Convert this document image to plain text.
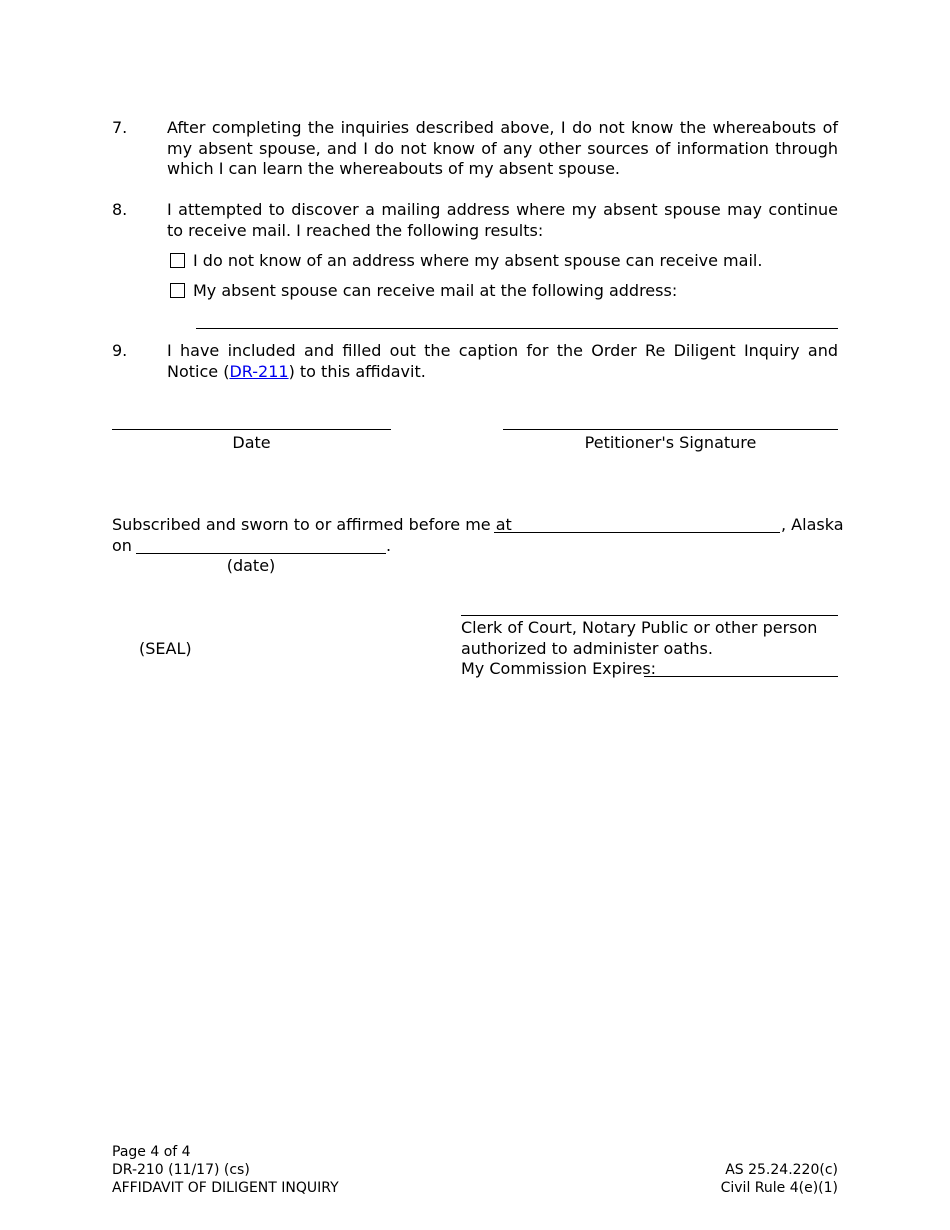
7. After completing the inquiries described above, I do not know the whereabouts of my absent spouse, and I do not know of any other sources of information through which I can learn the whereabouts of my absent spouse.
8. I attempted to discover a mailing address where my absent spouse may continue to receive mail. I reached the following results:
I do not know of an address where my absent spouse can receive mail.
My absent spouse can receive mail at the following address:
9. I have included and filled out the caption for the Order Re Diligent Inquiry and Notice (DR-211) to this affidavit.
Date	Petitioner's Signature
Subscribed and sworn to or affirmed before me at	, Alaska
on	.
(date)
(SEAL)
Clerk of Court, Notary Public or other person
authorized to administer oaths.
My Commission Expires:
Page 4 of 4
DR-210 (11/17) (cs)
AFFIDAVIT OF DILIGENT INQUIRY
AS 25.24.220(c)
Civil Rule 4(e)(1)
